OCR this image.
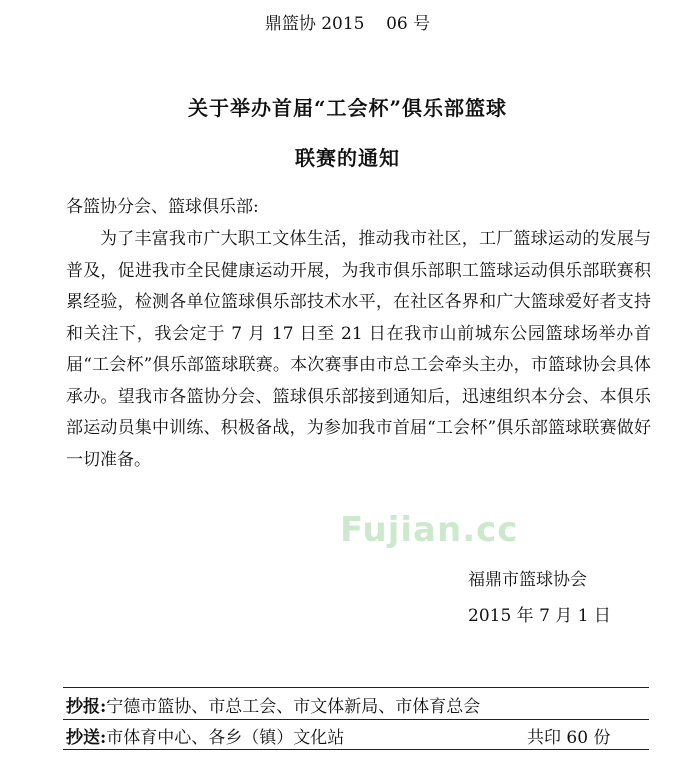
鼎篮协 2015    06 号
关于举办首届“工会杯”俱乐部篮球
联赛的通知
各篮协分会、篮球俱乐部:

为了丰富我市广大职工文体生活，推动我市社区，工厂篮球运动的发展与普及，促进我市全民健康运动开展，为我市俱乐部职工篮球运动俱乐部联赛积累经验，检测各单位篮球俱乐部技术水平，在社区各界和广大篮球爱好者支持和关注下，我会定于 7 月 17 日至 21 日在我市山前城东公园篮球场举办首届“工会杯”俱乐部篮球联赛。本次赛事由市总工会牵头主办，市篮球协会具体承办。望我市各篮协分会、篮球俱乐部接到通知后，迅速组织本分会、本俱乐部运动员集中训练、积极备战，为参加我市首届“工会杯”俱乐部篮球联赛做好一切准备。

Fujian.cc
福鼎市篮球协会
2015 年 7 月 1 日
抄报:宁德市篮协、市总工会、市文体新局、市体育总会
抄送:市体育中心、各乡（镇）文化站	共印 60 份
